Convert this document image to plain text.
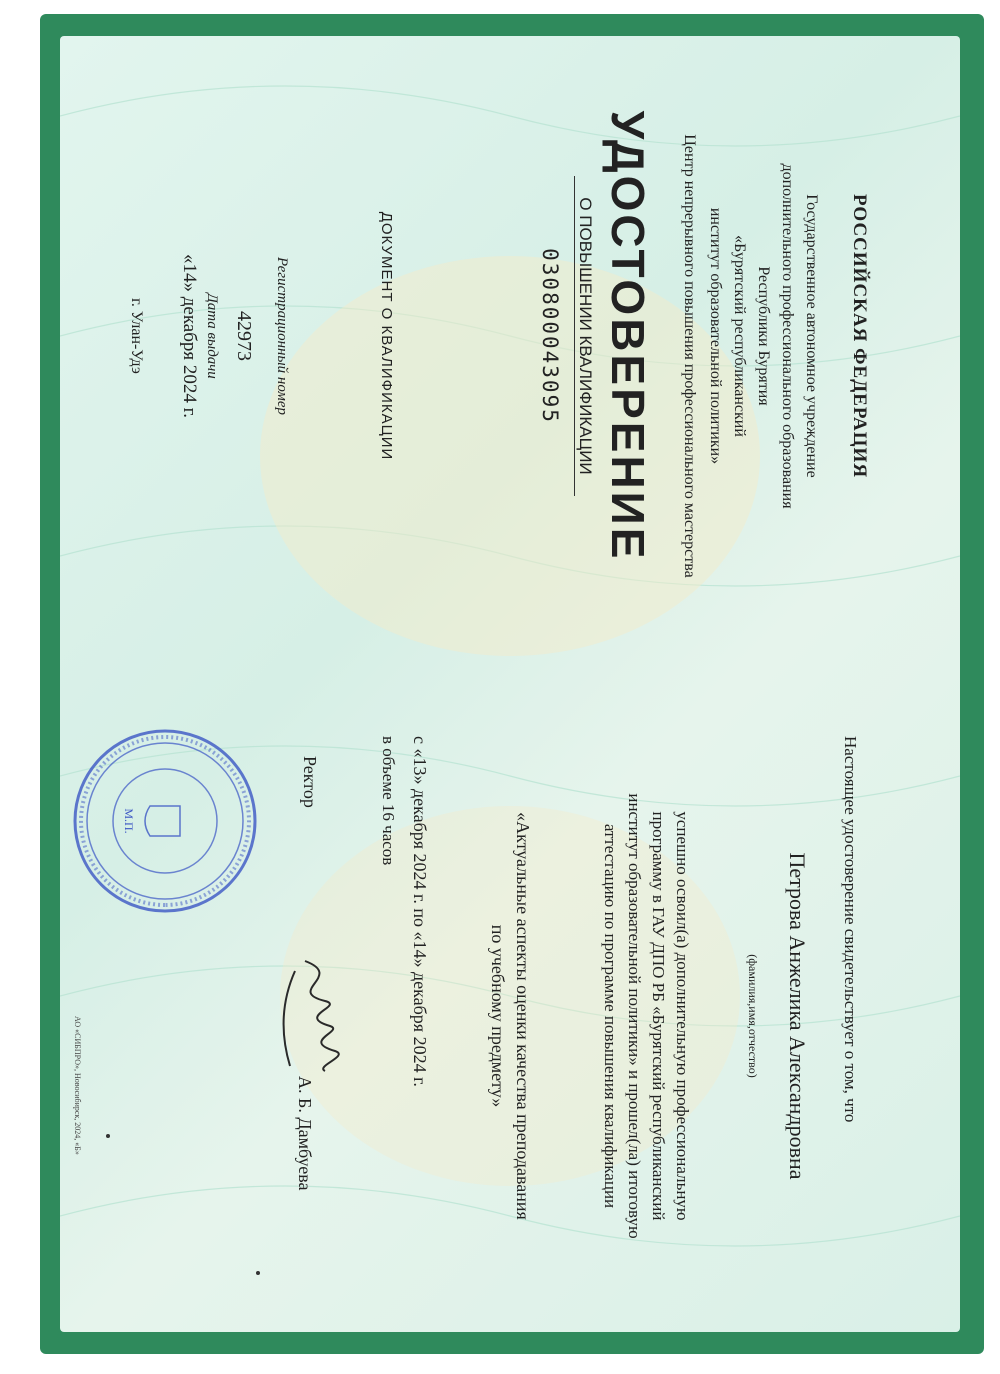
РОССИЙСКАЯ ФЕДЕРАЦИЯ
Государственное автономное учреждение
дополнительного профессионального образования
Республики Бурятия
«Бурятский республиканский
институт образовательной политики»
Центр непрерывного повышения профессионального мастерства
УДОСТОВЕРЕНИЕ
О ПОВЫШЕНИИ КВАЛИФИКАЦИИ
030800043095
ДОКУМЕНТ О КВАЛИФИКАЦИИ
Регистрационный номер
42973
Дата выдачи
«14» декабря 2024 г.
г. Улан-Удэ
Настоящее удостоверение свидетельствует о том, что
Петрова Анжелика Александровна
(фамилия,имя,отчество)
успешно освоил(а) дополнительную профессиональную
программу в ГАУ ДПО РБ «Бурятский республиканский
институт образовательной политики» и прошел(ла) итоговую
аттестацию по программе повышения квалификации
«Актуальные аспекты оценки качества преподавания
по учебному предмету»
с «13» декабря 2024 г. по «14» декабря 2024 г.
в объеме 16 часов
Ректор
А. Б. Дамбуева
М.П.
АО «СИБПРО», Новосибирск, 2024, «Б»
